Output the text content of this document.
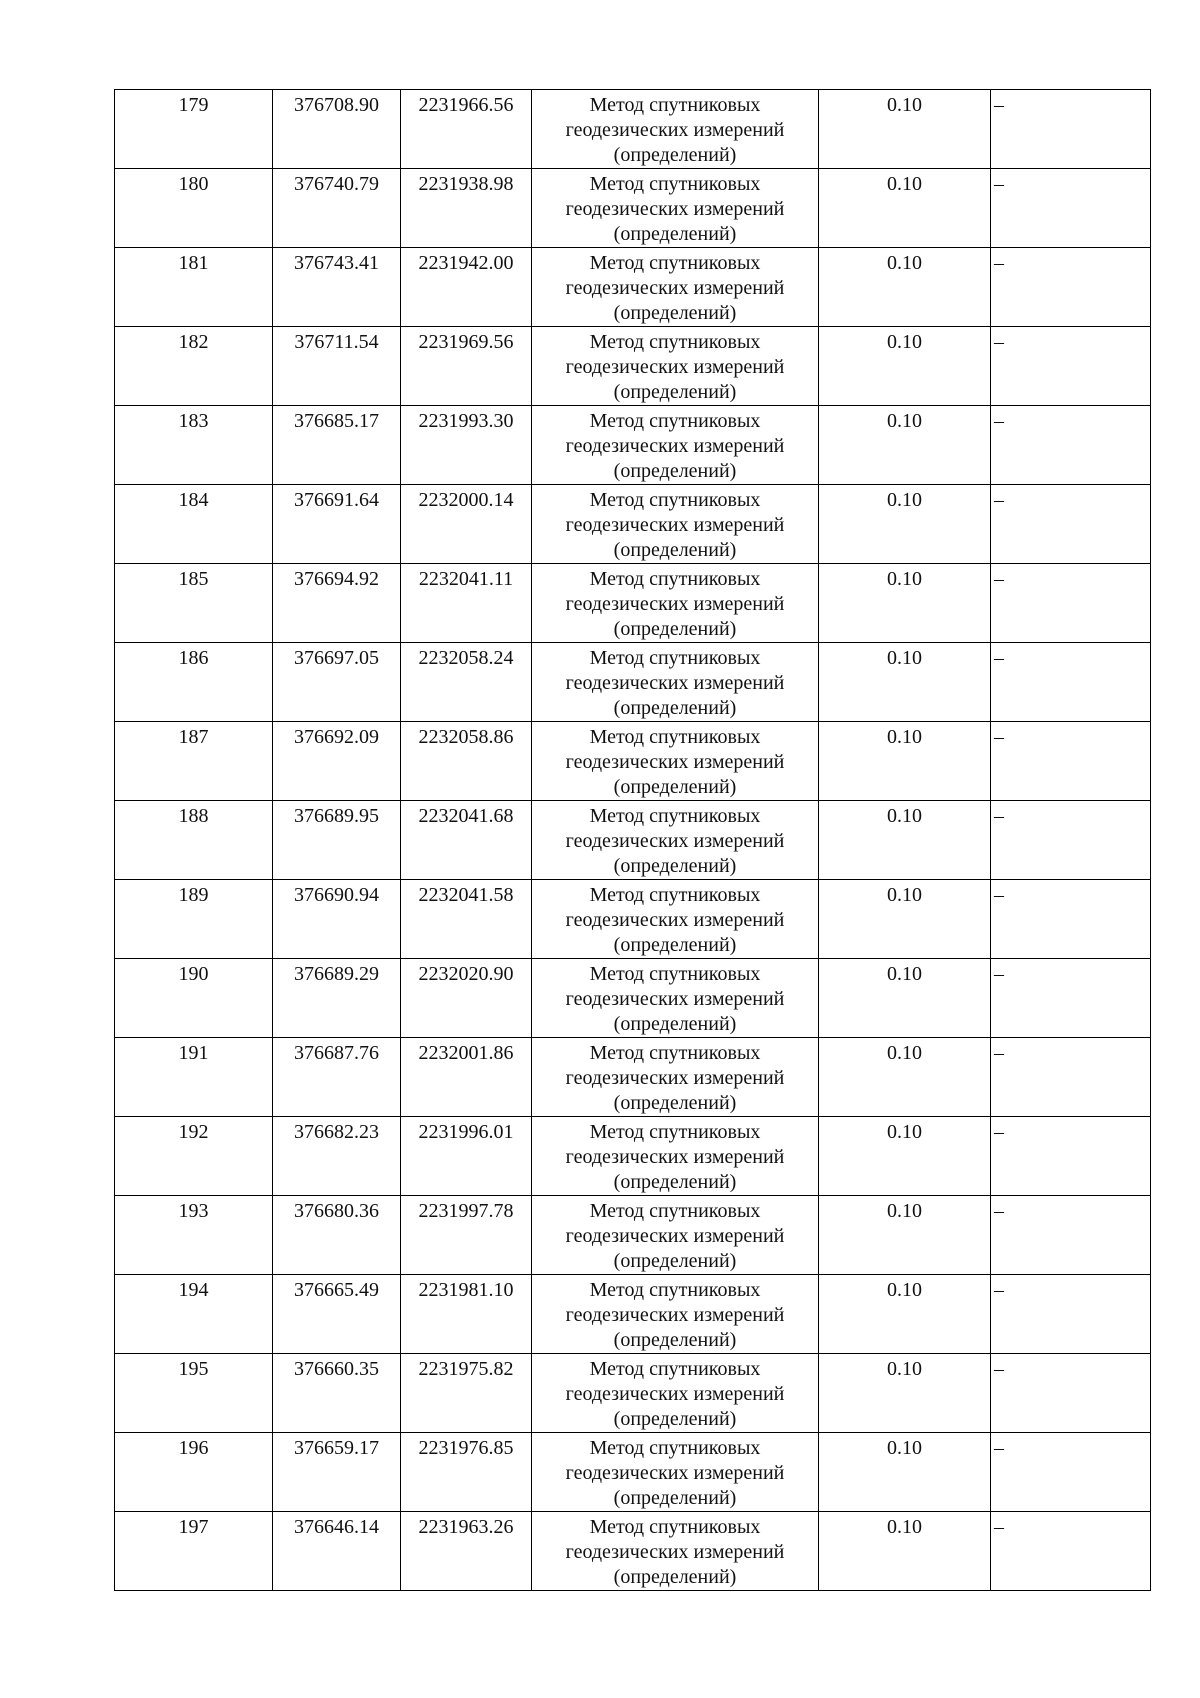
179	376708.90	2231966.56	Метод спутниковых геодезических измерений (определений)	0.10	–
180	376740.79	2231938.98	Метод спутниковых геодезических измерений (определений)	0.10	–
181	376743.41	2231942.00	Метод спутниковых геодезических измерений (определений)	0.10	–
182	376711.54	2231969.56	Метод спутниковых геодезических измерений (определений)	0.10	–
183	376685.17	2231993.30	Метод спутниковых геодезических измерений (определений)	0.10	–
184	376691.64	2232000.14	Метод спутниковых геодезических измерений (определений)	0.10	–
185	376694.92	2232041.11	Метод спутниковых геодезических измерений (определений)	0.10	–
186	376697.05	2232058.24	Метод спутниковых геодезических измерений (определений)	0.10	–
187	376692.09	2232058.86	Метод спутниковых геодезических измерений (определений)	0.10	–
188	376689.95	2232041.68	Метод спутниковых геодезических измерений (определений)	0.10	–
189	376690.94	2232041.58	Метод спутниковых геодезических измерений (определений)	0.10	–
190	376689.29	2232020.90	Метод спутниковых геодезических измерений (определений)	0.10	–
191	376687.76	2232001.86	Метод спутниковых геодезических измерений (определений)	0.10	–
192	376682.23	2231996.01	Метод спутниковых геодезических измерений (определений)	0.10	–
193	376680.36	2231997.78	Метод спутниковых геодезических измерений (определений)	0.10	–
194	376665.49	2231981.10	Метод спутниковых геодезических измерений (определений)	0.10	–
195	376660.35	2231975.82	Метод спутниковых геодезических измерений (определений)	0.10	–
196	376659.17	2231976.85	Метод спутниковых геодезических измерений (определений)	0.10	–
197	376646.14	2231963.26	Метод спутниковых геодезических измерений (определений)	0.10	–
